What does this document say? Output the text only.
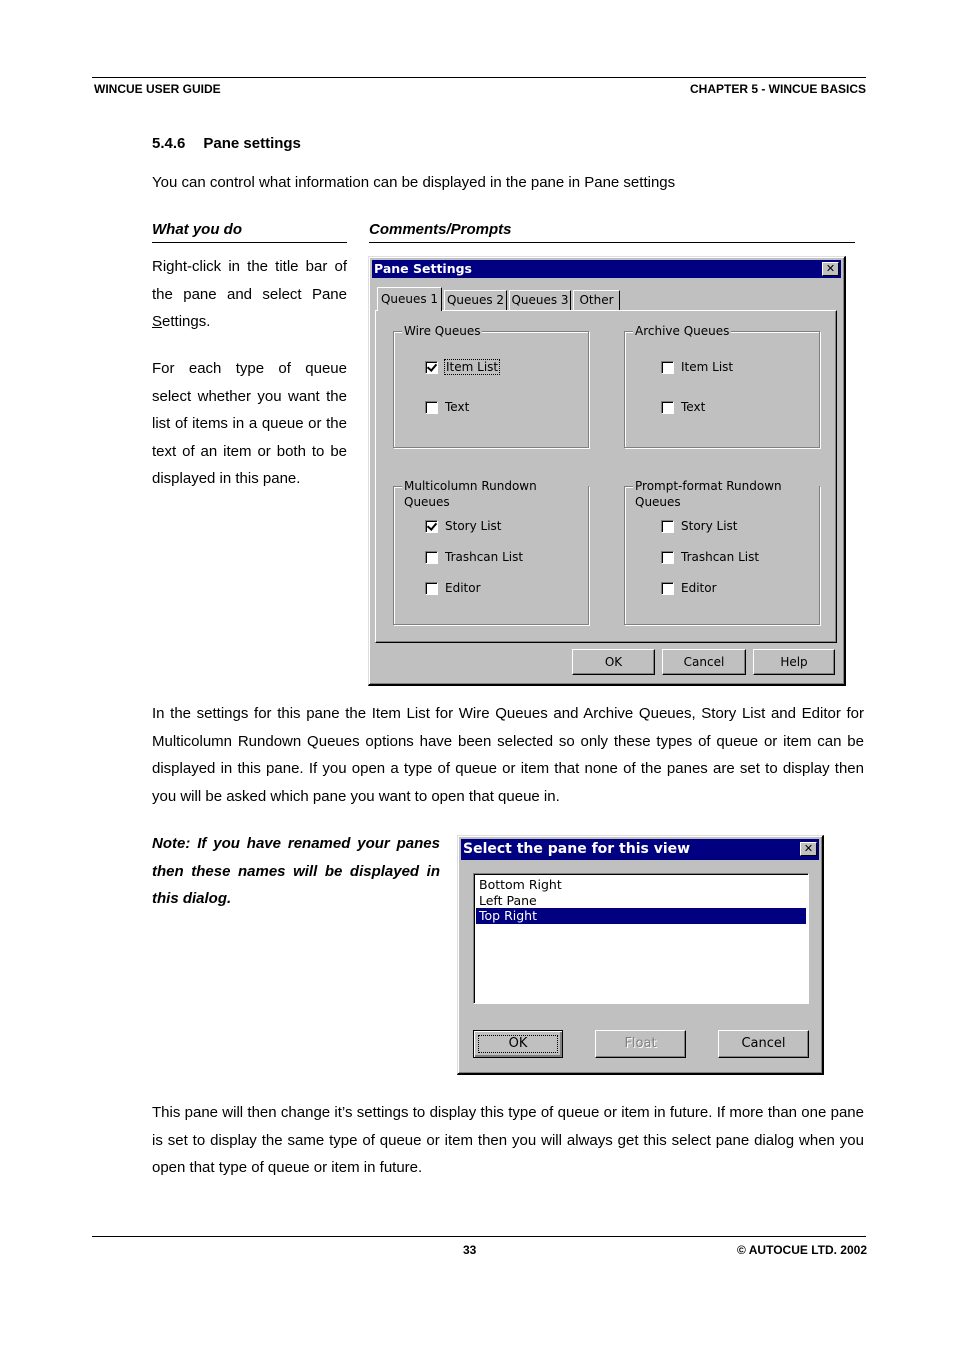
WINCUE USER GUIDE	CHAPTER 5 - WINCUE BASICS
5.4.6 Pane settings
You can control what information can be displayed in the pane in Pane settings
What you do	Comments/Prompts
Right-click in the title bar of the pane and select Pane Settings.
For each type of queue select whether you want the list of items in a queue or the text of an item or both to be displayed in this pane.
Pane Settings	✕
Queues 1 Queues 2 Queues 3 Other
Wire Queues
Item List
Text
Archive Queues
Item List
Text
Multicolumn Rundown Queues
Story List
Trashcan List
Editor
Prompt-format Rundown Queues
Story List
Trashcan List
Editor
OK	Cancel	Help
In the settings for this pane the Item List for Wire Queues and Archive Queues, Story List and Editor for Multicolumn Rundown Queues options have been selected so only these types of queue or item can be displayed in this pane. If you open a type of queue or item that none of the panes are set to display then you will be asked which pane you want to open that queue in.
Note: If you have renamed your panes then these names will be displayed in this dialog.
Select the pane for this view	✕
Bottom Right
Left Pane
Top Right
OK	Float	Cancel
This pane will then change it’s settings to display this type of queue or item in future. If more than one pane is set to display the same type of queue or item then you will always get this select pane dialog when you open that type of queue or item in future.
33	© AUTOCUE LTD. 2002
